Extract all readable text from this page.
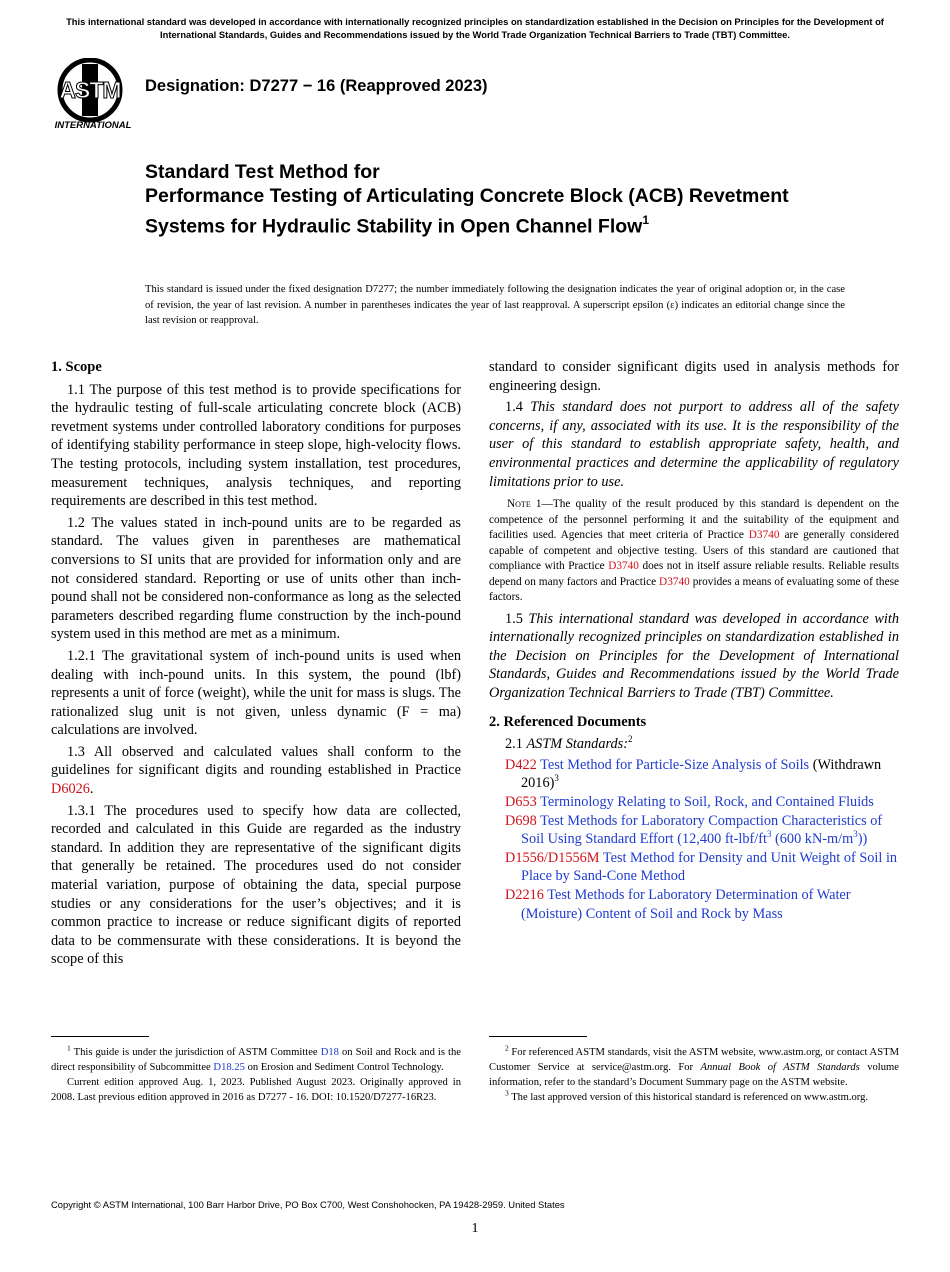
This international standard was developed in accordance with internationally recognized principles on standardization established in the Decision on Principles for the Development of International Standards, Guides and Recommendations issued by the World Trade Organization Technical Barriers to Trade (TBT) Committee.
ASTM
INTERNATIONAL
Designation: D7277 − 16 (Reapproved 2023)
Standard Test Method for
Performance Testing of Articulating Concrete Block (ACB) Revetment Systems for Hydraulic Stability in Open Channel Flow$^1$
This standard is issued under the fixed designation D7277; the number immediately following the designation indicates the year of original adoption or, in the case of revision, the year of last revision. A number in parentheses indicates the year of last reapproval. A superscript epsilon (ε) indicates an editorial change since the last revision or reapproval.
1. Scope

1.1 The purpose of this test method is to provide specifications for the hydraulic testing of full-scale articulating concrete block (ACB) revetment systems under controlled laboratory conditions for purposes of identifying stability performance in steep slope, high-velocity flows. The testing protocols, including system installation, test procedures, measurement techniques, analysis techniques, and reporting requirements are described in this test method.

1.2 The values stated in inch-pound units are to be regarded as standard. The values given in parentheses are mathematical conversions to SI units that are provided for information only and are not considered standard. Reporting or use of units other than inch-pound shall not be considered non-conformance as long as the selected parameters described regarding flume construction by the inch-pound system used in this method are met as a minimum.

1.2.1 The gravitational system of inch-pound units is used when dealing with inch-pound units. In this system, the pound (lbf) represents a unit of force (weight), while the unit for mass is slugs. The rationalized slug unit is not given, unless dynamic (F = ma) calculations are involved.

1.3 All observed and calculated values shall conform to the guidelines for significant digits and rounding established in Practice D6026.

1.3.1 The procedures used to specify how data are collected, recorded and calculated in this Guide are regarded as the industry standard. In addition they are representative of the significant digits that generally be retained. The procedures used do not consider material variation, purpose of obtaining the data, special purpose studies or any considerations for the user’s objectives; and it is common practice to increase or reduce significant digits of reported data to be commensurate with these considerations. It is beyond the scope of this

$^1$ This guide is under the jurisdiction of ASTM Committee D18 on Soil and Rock and is the direct responsibility of Subcommittee D18.25 on Erosion and Sediment Control Technology.

Current edition approved Aug. 1, 2023. Published August 2023. Originally approved in 2008. Last previous edition approved in 2016 as D7277 - 16. DOI: 10.1520/D7277-16R23.

standard to consider significant digits used in analysis methods for engineering design.

1.4 This standard does not purport to address all of the safety concerns, if any, associated with its use. It is the responsibility of the user of this standard to establish appropriate safety, health, and environmental practices and determine the applicability of regulatory limitations prior to use.

Note 1—The quality of the result produced by this standard is dependent on the competence of the personnel performing it and the suitability of the equipment and facilities used. Agencies that meet criteria of Practice D3740 are generally considered capable of competent and objective testing. Users of this standard are cautioned that compliance with Practice D3740 does not in itself assure reliable results. Reliable results depend on many factors and Practice D3740 provides a means of evaluating some of these factors.

1.5 This international standard was developed in accordance with internationally recognized principles on standardization established in the Decision on Principles for the Development of International Standards, Guides and Recommendations issued by the World Trade Organization Technical Barriers to Trade (TBT) Committee.

2. Referenced Documents

2.1 ASTM Standards:$^2$

D422 Test Method for Particle-Size Analysis of Soils (Withdrawn 2016)$^3$

D653 Terminology Relating to Soil, Rock, and Contained Fluids

D698 Test Methods for Laboratory Compaction Characteristics of Soil Using Standard Effort (12,400 ft-lbf/ft$^3$ (600 kN-m/m$^3$))

D1556/D1556M Test Method for Density and Unit Weight of Soil in Place by Sand-Cone Method

D2216 Test Methods for Laboratory Determination of Water (Moisture) Content of Soil and Rock by Mass

$^2$ For referenced ASTM standards, visit the ASTM website, www.astm.org, or contact ASTM Customer Service at service@astm.org. For Annual Book of ASTM Standards volume information, refer to the standard’s Document Summary page on the ASTM website.

$^3$ The last approved version of this historical standard is referenced on www.astm.org.

Copyright © ASTM International, 100 Barr Harbor Drive, PO Box C700, West Conshohocken, PA 19428-2959. United States
1
